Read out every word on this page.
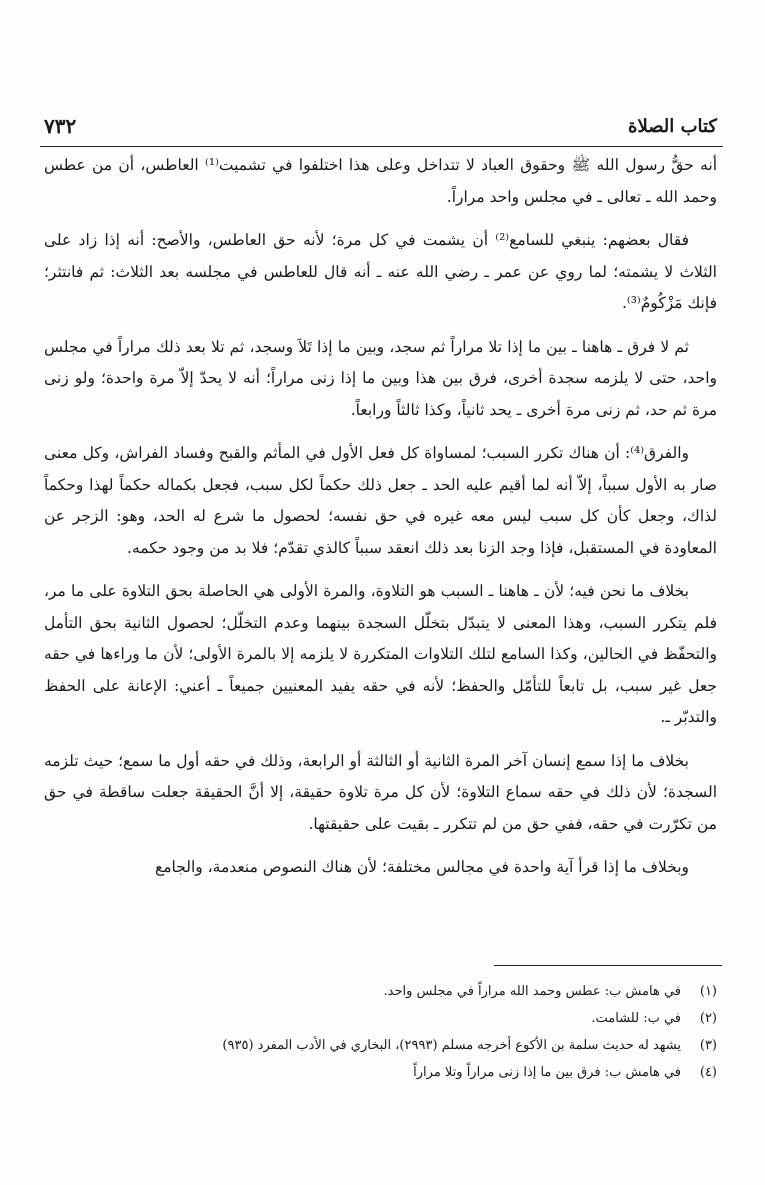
٧٣٢	كتاب الصلاة

أنه حقُّ رسول الله ﷺ وحقوق العباد لا تتداخل وعلى هذا اختلفوا في تشميت⁽¹⁾ العاطس، أن من عطس وحمد الله ـ تعالى ـ في مجلس واحد مراراً.

فقال بعضهم: ينبغي للسامع⁽²⁾ أن يشمت في كل مرة؛ لأنه حق العاطس، والأصح: أنه إذا زاد على الثلاث لا يشمته؛ لما روي عن عمر ـ رضي الله عنه ـ أنه قال للعاطس في مجلسه بعد الثلاث: ثم فانتثر؛ فإنك مَزْكُومٌ⁽³⁾.

ثم لا فرق ـ هاهنا ـ بين ما إذا تلا مراراً ثم سجد، وبين ما إذا تَلاَ وسجد، ثم تلا بعد ذلك مراراً في مجلس واحد، حتى لا يلزمه سجدة أخرى، فرق بين هذا وبين ما إذا زنى مراراً؛ أنه لا يحدّ إلاّ مرة واحدة؛ ولو زنى مرة ثم حد، ثم زنى مرة أخرى ـ يحد ثانياً، وكذا ثالثاً ورابعاً.

والفرق⁽⁴⁾: أن هناك تكرر السبب؛ لمساواة كل فعل الأول في المأثم والقبح وفساد الفراش، وكل معنى صار به الأول سبباً، إلاّ أنه لما أقيم عليه الحد ـ جعل ذلك حكماً لكل سبب، فجعل بكماله حكماً لهذا وحكماً لذاك، وجعل كأن كل سبب ليس معه غيره في حق نفسه؛ لحصول ما شرع له الحد، وهو: الزجر عن المعاودة في المستقبل، فإذا وجد الزنا بعد ذلك انعقد سبباً كالذي تقدّم؛ فلا بد من وجود حكمه.

بخلاف ما نحن فيه؛ لأن ـ هاهنا ـ السبب هو التلاوة، والمرة الأولى هي الحاصلة بحق التلاوة على ما مر، فلم يتكرر السبب، وهذا المعنى لا يتبدّل بتخلّل السجدة بينهما وعدم التخلّل؛ لحصول الثانية بحق التأمل والتحفّظ في الحالين، وكذا السامع لتلك التلاوات المتكررة لا يلزمه إلا بالمرة الأولى؛ لأن ما وراءها في حقه جعل غير سبب، بل تابعاً للتأمّل والحفظ؛ لأنه في حقه يفيد المعنيين جميعاً ـ أعني: الإعانة على الحفظ والتدبّر ـ.

بخلاف ما إذا سمع إنسان آخر المرة الثانية أو الثالثة أو الرابعة، وذلك في حقه أول ما سمع؛ حيث تلزمه السجدة؛ لأن ذلك في حقه سماع التلاوة؛ لأن كل مرة تلاوة حقيقة، إلا أنَّ الحقيقة جعلت ساقطة في حق من تكرّرت في حقه، ففي حق من لم تتكرر ـ بقيت على حقيقتها.

وبخلاف ما إذا قرأ آية واحدة في مجالس مختلفة؛ لأن هناك النصوص منعدمة، والجامع

(١)
في هامش ب: عطس وحمد الله مراراً في مجلس واحد.
(٢)
في ب: للشامت.
(٣)
يشهد له حديث سلمة بن الأكوع أخرجه مسلم (٢٩٩٣)، البخاري في الأدب المفرد (٩٣٥)
(٤)
في هامش ب: فرق بين ما إذا زنى مراراً وتلا مراراً
